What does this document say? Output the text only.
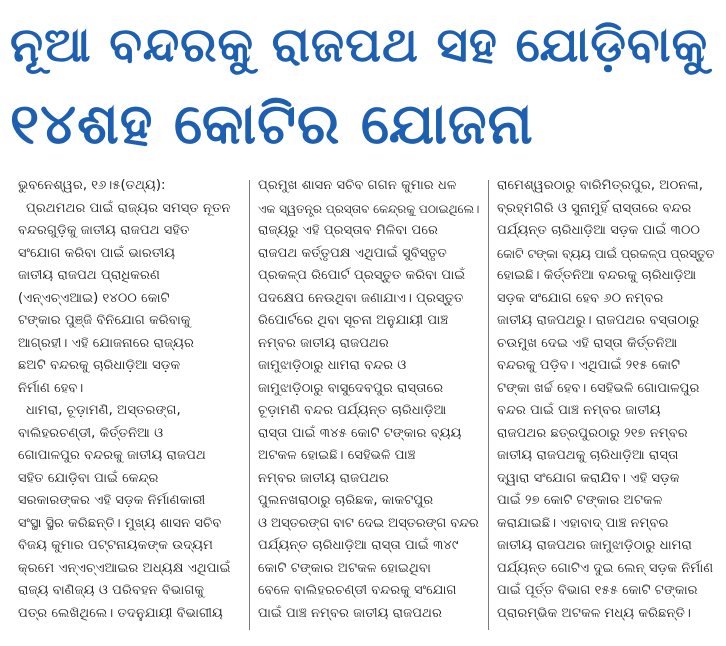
ନୂଆ ବନ୍ଦରକୁ ରାଜପଥ ସହ ଯୋଡ଼ିବାକୁ
୧୪ଶହ କୋଟିର ଯୋଜନା
ଭୁବନେଶ୍ୱର, ୧୬।୫(ତଥ୍ୟ):
ପ୍ରଥମଥର ପାଇଁ ରାଜ୍ୟର ସମସ୍ତ ନୂତନ
ବନ୍ଦରଗୁଡ଼ିକୁ ଜାତୀୟ ରାଜପଥ ସହିତ
ସଂଯୋଗ କରିବା ପାଇଁ ଭାରତୀୟ
ଜାତୀୟ ରାଜପଥ ପ୍ରାଧିକରଣ
(ଏନ୍‌ଏଚ୍‌ଏଆଇ) ୧୪୦୦ କୋଟି
ଟଙ୍କାର ପୁଞ୍ଜି ବିନିଯୋଗ କରିବାକୁ
ଆଗ୍ରହୀ। ଏହି ଯୋଜନାରେ ରାଜ୍ୟର
ଛଅଟି ବନ୍ଦରକୁ ଚାରିଧାଡ଼ିଆ ସଡ଼କ
ନିର୍ମାଣ ହେବ।
ଧାମରା, ଚୂଡ଼ାମଣି, ଅସ୍ତରଙ୍ଗ,
ବାଲିହରଚଣ୍ଡୀ, କିର୍ତ୍ତନିଆ ଓ
ଗୋପାଳପୁର ବନ୍ଦରକୁ ଜାତୀୟ ରାଜପଥ
ସହିତ ଯୋଡ଼ିବା ପାଇଁ କେନ୍ଦ୍ର
ସରକାରଙ୍କର ଏହି ସଡ଼କ ନିର୍ମାଣକାରୀ
ସଂସ୍ଥା ସ୍ଥିର କରିଛନ୍ତି। ମୁଖ୍ୟ ଶାସନ ସଚିବ
ବିଜୟ କୁମାର ପଟ୍ଟନାୟକଙ୍କ ଉଦ୍ୟମ
କ୍ରମେ ଏନ୍‌ଏଚ୍‌ଏଆଇର ଅଧ୍ୟକ୍ଷ ଏଥିପାଇଁ
ରାଜ୍ୟ ବାଣିଜ୍ୟ ଓ ପରିବହନ ବିଭାଗକୁ
ପତ୍ର ଲେଖିଥିଲେ। ତଦନୁଯାୟୀ ବିଭାଗୀୟ
ପ୍ରମୁଖ ଶାସନ ସଚିବ ଗଗନ କୁମାର ଧଳ
ଏକ ସ୍ୱତନ୍ତ୍ର ପ୍ରସ୍ତାବ କେନ୍ଦ୍ରକୁ ପଠାଇଥିଲେ।
ରାଜ୍ୟରୁ ଏହି ପ୍ରସ୍ତାବ ମିଳିବା ପରେ
ରାଜପଥ କର୍ତ୍ତୃପକ୍ଷ ଏଥିପାଇଁ ସୁବିସ୍ତୃତ
ପ୍ରକଳ୍ପ ରିପୋର୍ଟ ପ୍ରସ୍ତୁତ କରିବା ପାଇଁ
ପଦକ୍ଷେପ ନେଉଥିବା ଜଣାଯାଏ। ପ୍ରସ୍ତୁତ
ରିପୋର୍ଟରେ ଥିବା ସୂଚନା ଅନୁଯାୟୀ ପାଞ୍ଚ
ନମ୍ବର ଜାତୀୟ ରାଜପଥର
ଜାମୁଝାଡ଼ିଠାରୁ ଧାମରା ବନ୍ଦର ଓ
ଜାମୁଝାଡ଼ିଠାରୁ ବାସୁଦେବପୁର ରାସ୍ତାରେ
ଚୂଡ଼ାମଣି ବନ୍ଦର ପର୍ଯ୍ୟନ୍ତ ଚାରିଧାଡ଼ିଆ
ରାସ୍ତା ପାଇଁ ୩୪୫ କୋଟି ଟଙ୍କାର ବ୍ୟୟ
ଅଟକଳ ହୋଇଛି। ସେହିଭଳି ପାଞ୍ଚ
ନମ୍ବର ଜାତୀୟ ରାଜପଥର
ପୁଲନଖରାଠାରୁ ଚାରିଛକ, କାକଟପୁର
ଓ ଅସ୍ତରଙ୍ଗ ବାଟ ଦେଇ ଅସ୍ତରଙ୍ଗ ବନ୍ଦର
ପର୍ଯ୍ୟନ୍ତ ଚାରିଧାଡ଼ିଆ ରାସ୍ତା ପାଇଁ ୩୪୯
କୋଟି ଟଙ୍କାର ଅଟକଳ ହୋଇଥିବା
ବେଳେ ବାଲିହରଚଣ୍ଡୀ ବନ୍ଦରକୁ ସଂଯୋଗ
ପାଇଁ ପାଞ୍ଚ ନମ୍ବର ଜାତୀୟ ରାଜପଥର
ରାମେଶ୍ୱରଠାରୁ ବାରିମିତ୍ରପୁର, ଅଠନଳା,
ବ୍ରହ୍ମଗିରି ଓ ସୁନାମୁହିଁ ରାସ୍ତାରେ ବନ୍ଦର
ପର୍ଯ୍ୟନ୍ତ ଚାରିଧାଡ଼ିଆ ସଡ଼କ ପାଇଁ ୩୦୦
କୋଟି ଟଙ୍କା ବ୍ୟୟ ପାଇଁ ପ୍ରକଳ୍ପ ପ୍ରସ୍ତୁତ
ହୋଇଛି। କିର୍ତ୍ତନିଆ ବନ୍ଦରକୁ ଚାରିଧାଡ଼ିଆ
ସଡ଼କ ସଂଯୋଗ ହେବ ୬୦ ନମ୍ବର
ଜାତୀୟ ରାଜପଥରୁ। ରାଜପଥର ବସ୍ତାଠାରୁ
ଚଉମୁଖ ଦେଇ ଏହି ରାସ୍ତା କିର୍ତ୍ତନିଆ
ବନ୍ଦରକୁ ପଡ଼ିବ। ଏଥିପାଇଁ ୨୧୫ କୋଟି
ଟଙ୍କା ଖର୍ଚ୍ଚ ହେବ। ସେହିଭଳି ଗୋପାଳପୁର
ବନ୍ଦର ପାଇଁ ପାଞ୍ଚ ନମ୍ବର ଜାତୀୟ
ରାଜପଥର ଛତ୍ରପୁରଠାରୁ ୨୧୭ ନମ୍ବର
ଜାତୀୟ ରାଜପଥକୁ ଚାରିଧାଡ଼ିଆ ରାସ୍ତା
ଦ୍ୱାରା ସଂଯୋଗ କରାଯିବ। ଏହି ସଡ଼କ
ପାଇଁ ୨୭ କୋଟି ଟଙ୍କାର ଅଟକଳ
କରାଯାଇଛି। ଏହାବାଦ୍ ପାଞ୍ଚ ନମ୍ବର
ଜାତୀୟ ରାଜପଥର ଜାମୁଝାଡ଼ିଠାରୁ ଧାମରା
ପର୍ଯ୍ୟନ୍ତ ଗୋଟିଏ ଦୁଇ ଲେନ୍ ସଡ଼କ ନିର୍ମାଣ
ପାଇଁ ପୂର୍ତ୍ତ ବିଭାଗ ୧୫୫ କୋଟି ଟଙ୍କାର
ପ୍ରାରମ୍ଭିକ ଅଟକଳ ମଧ୍ୟ କରିଛନ୍ତି।
